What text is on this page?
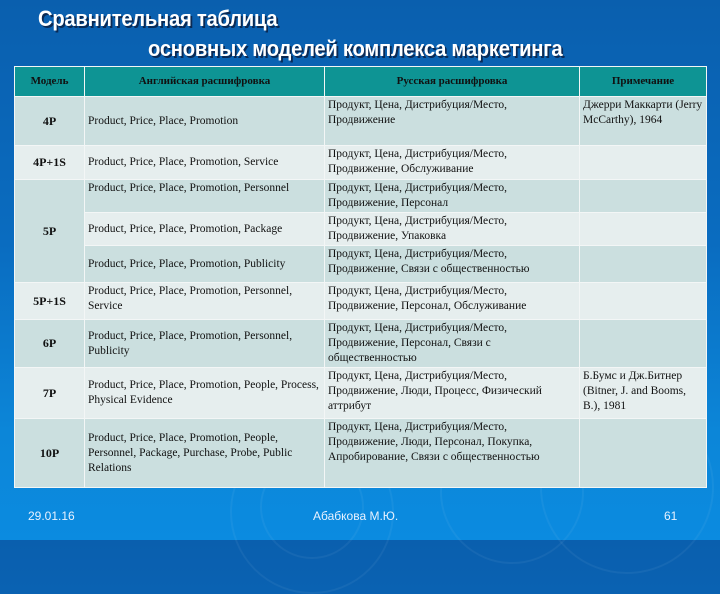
Сравнительная таблица
основных моделей комплекса маркетинга
Модель	Английская расшифровка	Русская расшифровка	Примечание
4P	Product, Price, Place, Promotion	Продукт, Цена, Дистрибуция/Место, Продвижение	Джерри Маккарти (Jerry McCarthy), 1964
4P+1S	Product, Price, Place, Promotion, Service	Продукт, Цена, Дистрибуция/Место, Продвижение, Обслуживание	
5P	Product, Price, Place, Promotion, Personnel	Продукт, Цена, Дистрибуция/Место, Продвижение, Персонал	
	Product, Price, Place, Promotion, Package	Продукт, Цена, Дистрибуция/Место, Продвижение, Упаковка	
	Product, Price, Place, Promotion, Publicity	Продукт, Цена, Дистрибуция/Место, Продвижение, Связи с общественностью	
5P+1S	Product, Price, Place, Promotion, Personnel, Service	Продукт, Цена, Дистрибуция/Место, Продвижение, Персонал, Обслуживание	
6P	Product, Price, Place, Promotion, Personnel, Publicity	Продукт, Цена, Дистрибуция/Место, Продвижение, Персонал, Связи с общественностью	
7P	Product, Price, Place, Promotion, People, Process, Physical Evidence	Продукт, Цена, Дистрибуция/Место, Продвижение, Люди, Процесс, Физический аттрибут	Б.Бумс и Дж.Битнер (Bitner, J. and Booms, B.), 1981
10P	Product, Price, Place, Promotion, People, Personnel, Package, Purchase, Probe, Public Relations	Продукт, Цена, Дистрибуция/Место, Продвижение, Люди, Персонал, Покупка, Апробирование, Связи с общественностью	
29.01.16	Абабкова М.Ю.	61
